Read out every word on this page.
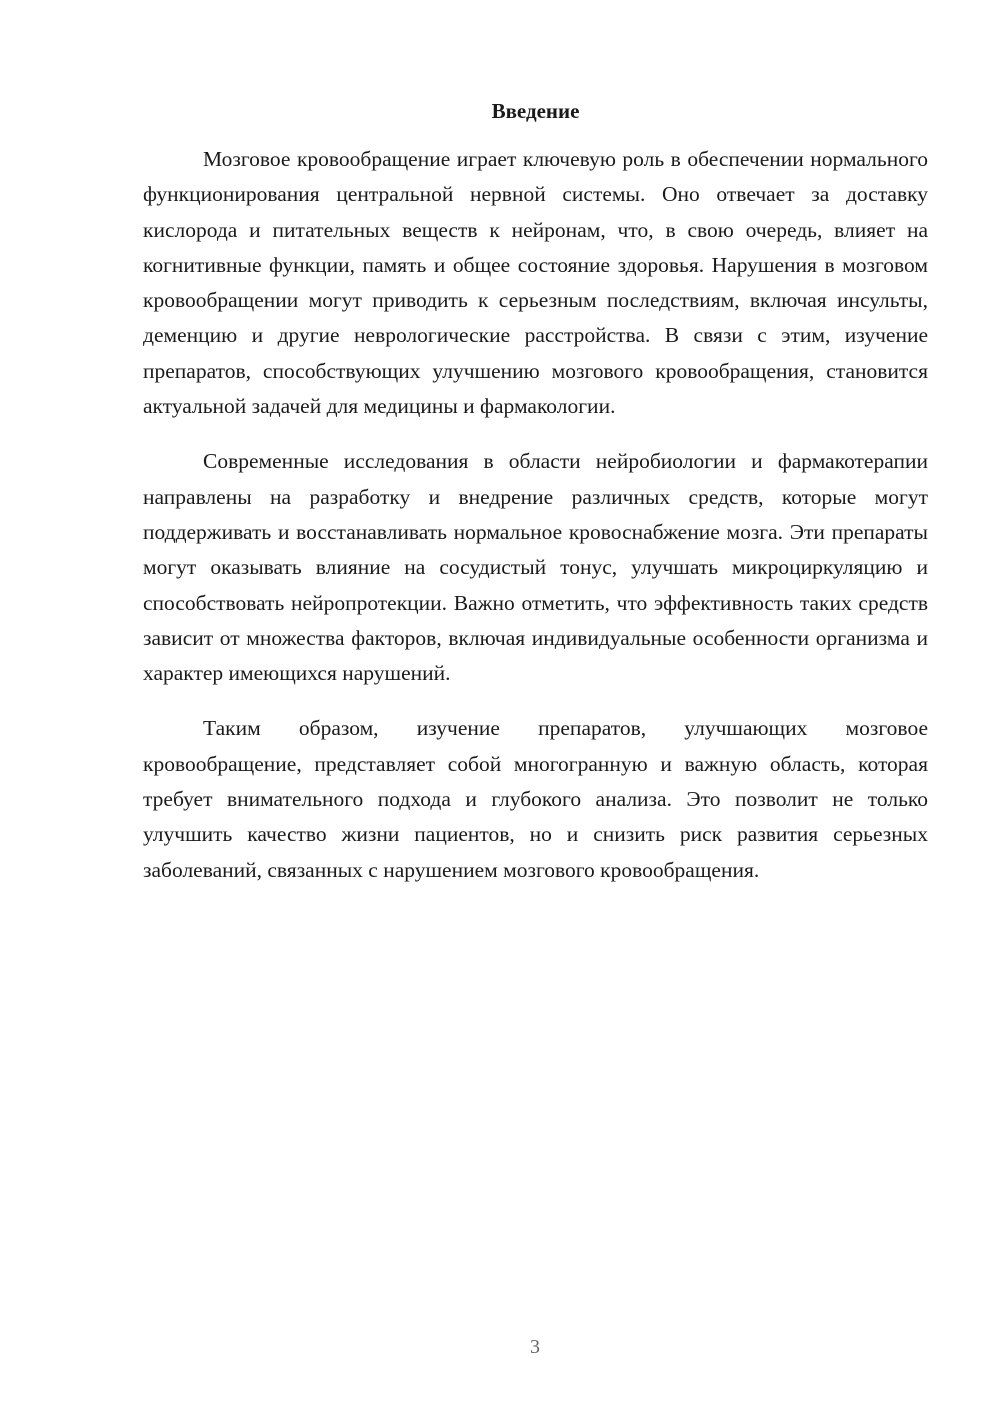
Введение

Мозговое кровообращение играет ключевую роль в обеспечении нормального функционирования центральной нервной системы. Оно отвечает за доставку кислорода и питательных веществ к нейронам, что, в свою очередь, влияет на когнитивные функции, память и общее состояние здоровья. Нарушения в мозговом кровообращении могут приводить к серьезным последствиям, включая инсульты, деменцию и другие неврологические расстройства. В связи с этим, изучение препаратов, способствующих улучшению мозгового кровообращения, становится актуальной задачей для медицины и фармакологии.

Современные исследования в области нейробиологии и фармакотерапии направлены на разработку и внедрение различных средств, которые могут поддерживать и восстанавливать нормальное кровоснабжение мозга. Эти препараты могут оказывать влияние на сосудистый тонус, улучшать микроциркуляцию и способствовать нейропротекции. Важно отметить, что эффективность таких средств зависит от множества факторов, включая индивидуальные особенности организма и характер имеющихся нарушений.

Таким образом, изучение препаратов, улучшающих мозговое кровообращение, представляет собой многогранную и важную область, которая требует внимательного подхода и глубокого анализа. Это позволит не только улучшить качество жизни пациентов, но и снизить риск развития серьезных заболеваний, связанных с нарушением мозгового кровообращения.

3
